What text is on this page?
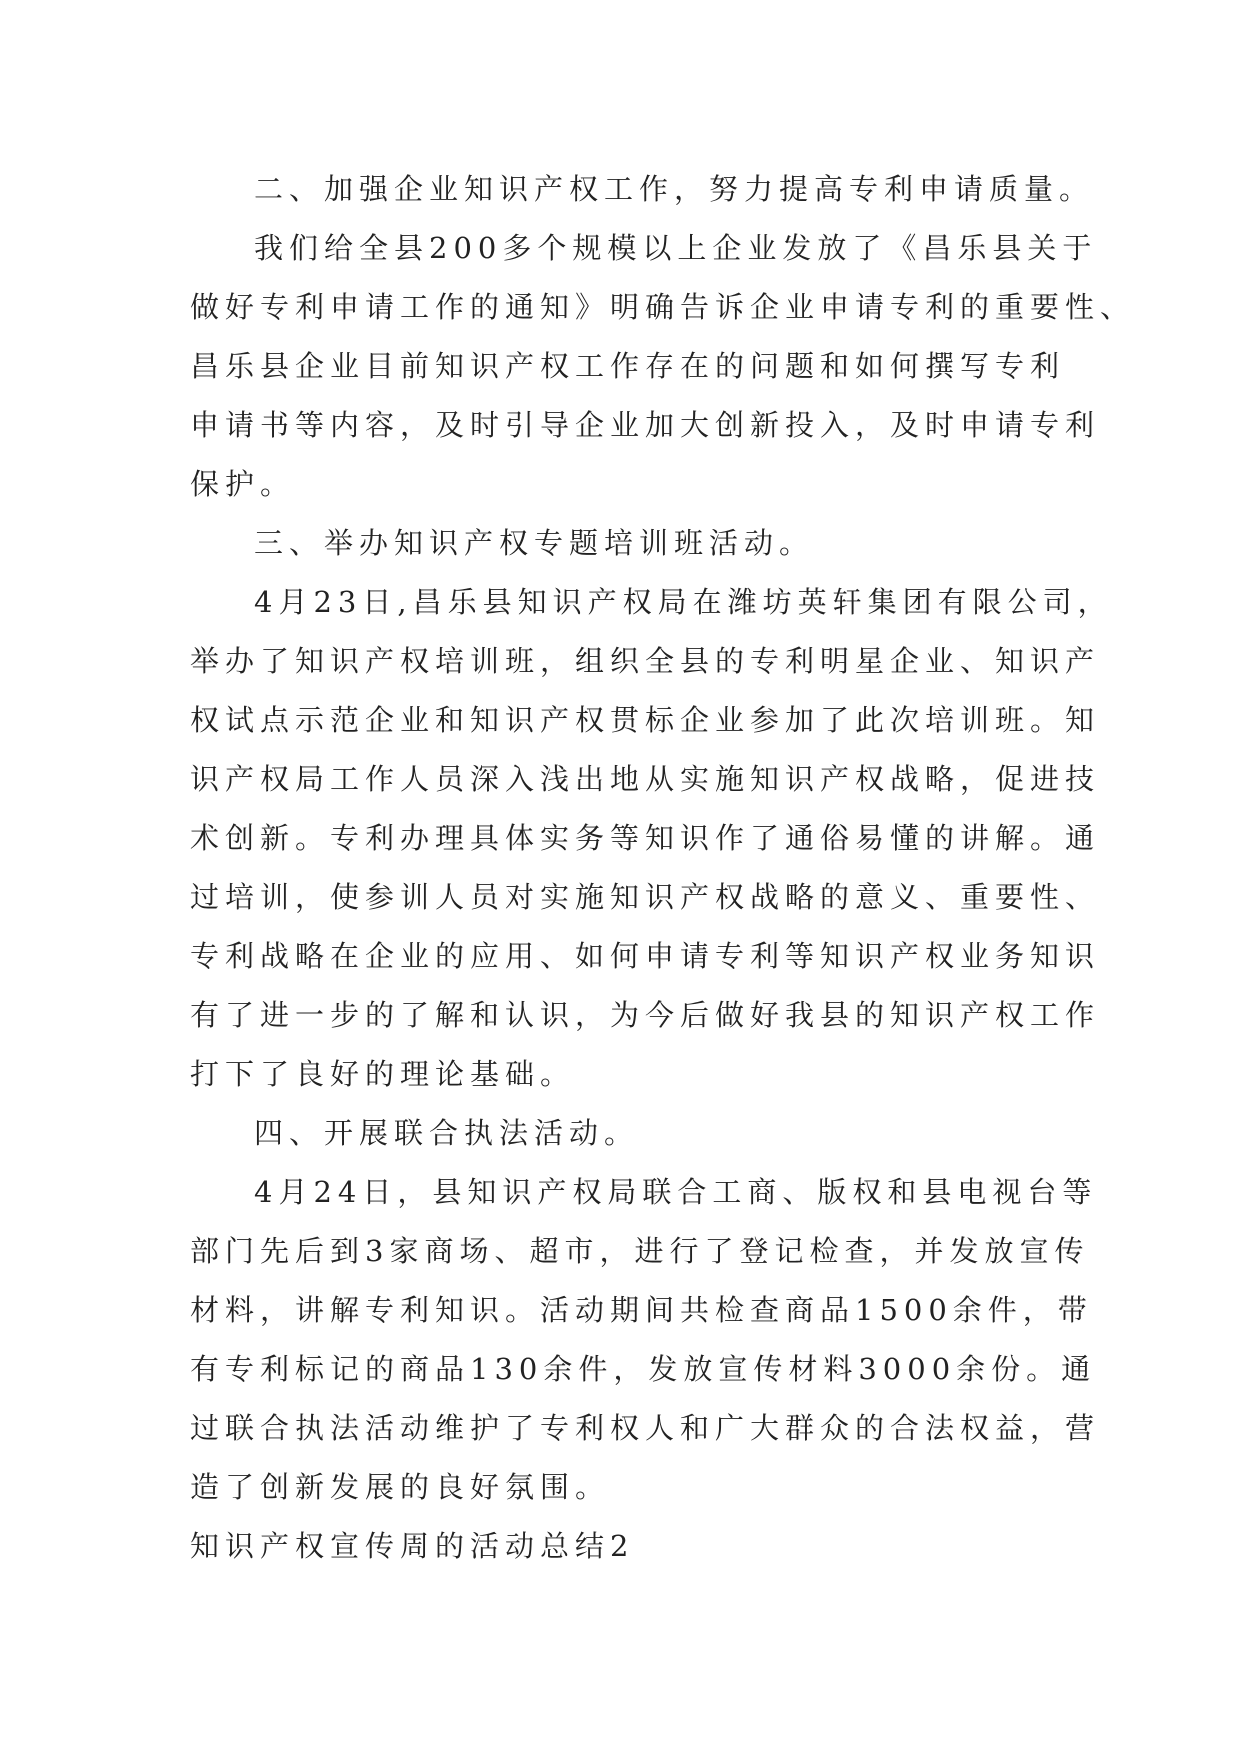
二、加强企业知识产权工作，努力提高专利申请质量。
我们给全县200多个规模以上企业发放了《昌乐县关于
做好专利申请工作的通知》明确告诉企业申请专利的重要性、
昌乐县企业目前知识产权工作存在的问题和如何撰写专利
申请书等内容，及时引导企业加大创新投入，及时申请专利
保护。
三、举办知识产权专题培训班活动。
4月23日,昌乐县知识产权局在潍坊英轩集团有限公司，
举办了知识产权培训班，组织全县的专利明星企业、知识产
权试点示范企业和知识产权贯标企业参加了此次培训班。知
识产权局工作人员深入浅出地从实施知识产权战略，促进技
术创新。专利办理具体实务等知识作了通俗易懂的讲解。通
过培训，使参训人员对实施知识产权战略的意义、重要性、
专利战略在企业的应用、如何申请专利等知识产权业务知识
有了进一步的了解和认识，为今后做好我县的知识产权工作
打下了良好的理论基础。
四、开展联合执法活动。
4月24日，县知识产权局联合工商、版权和县电视台等
部门先后到3家商场、超市，进行了登记检查，并发放宣传
材料，讲解专利知识。活动期间共检查商品1500余件，带
有专利标记的商品130余件，发放宣传材料3000余份。通
过联合执法活动维护了专利权人和广大群众的合法权益，营
造了创新发展的良好氛围。
知识产权宣传周的活动总结2
